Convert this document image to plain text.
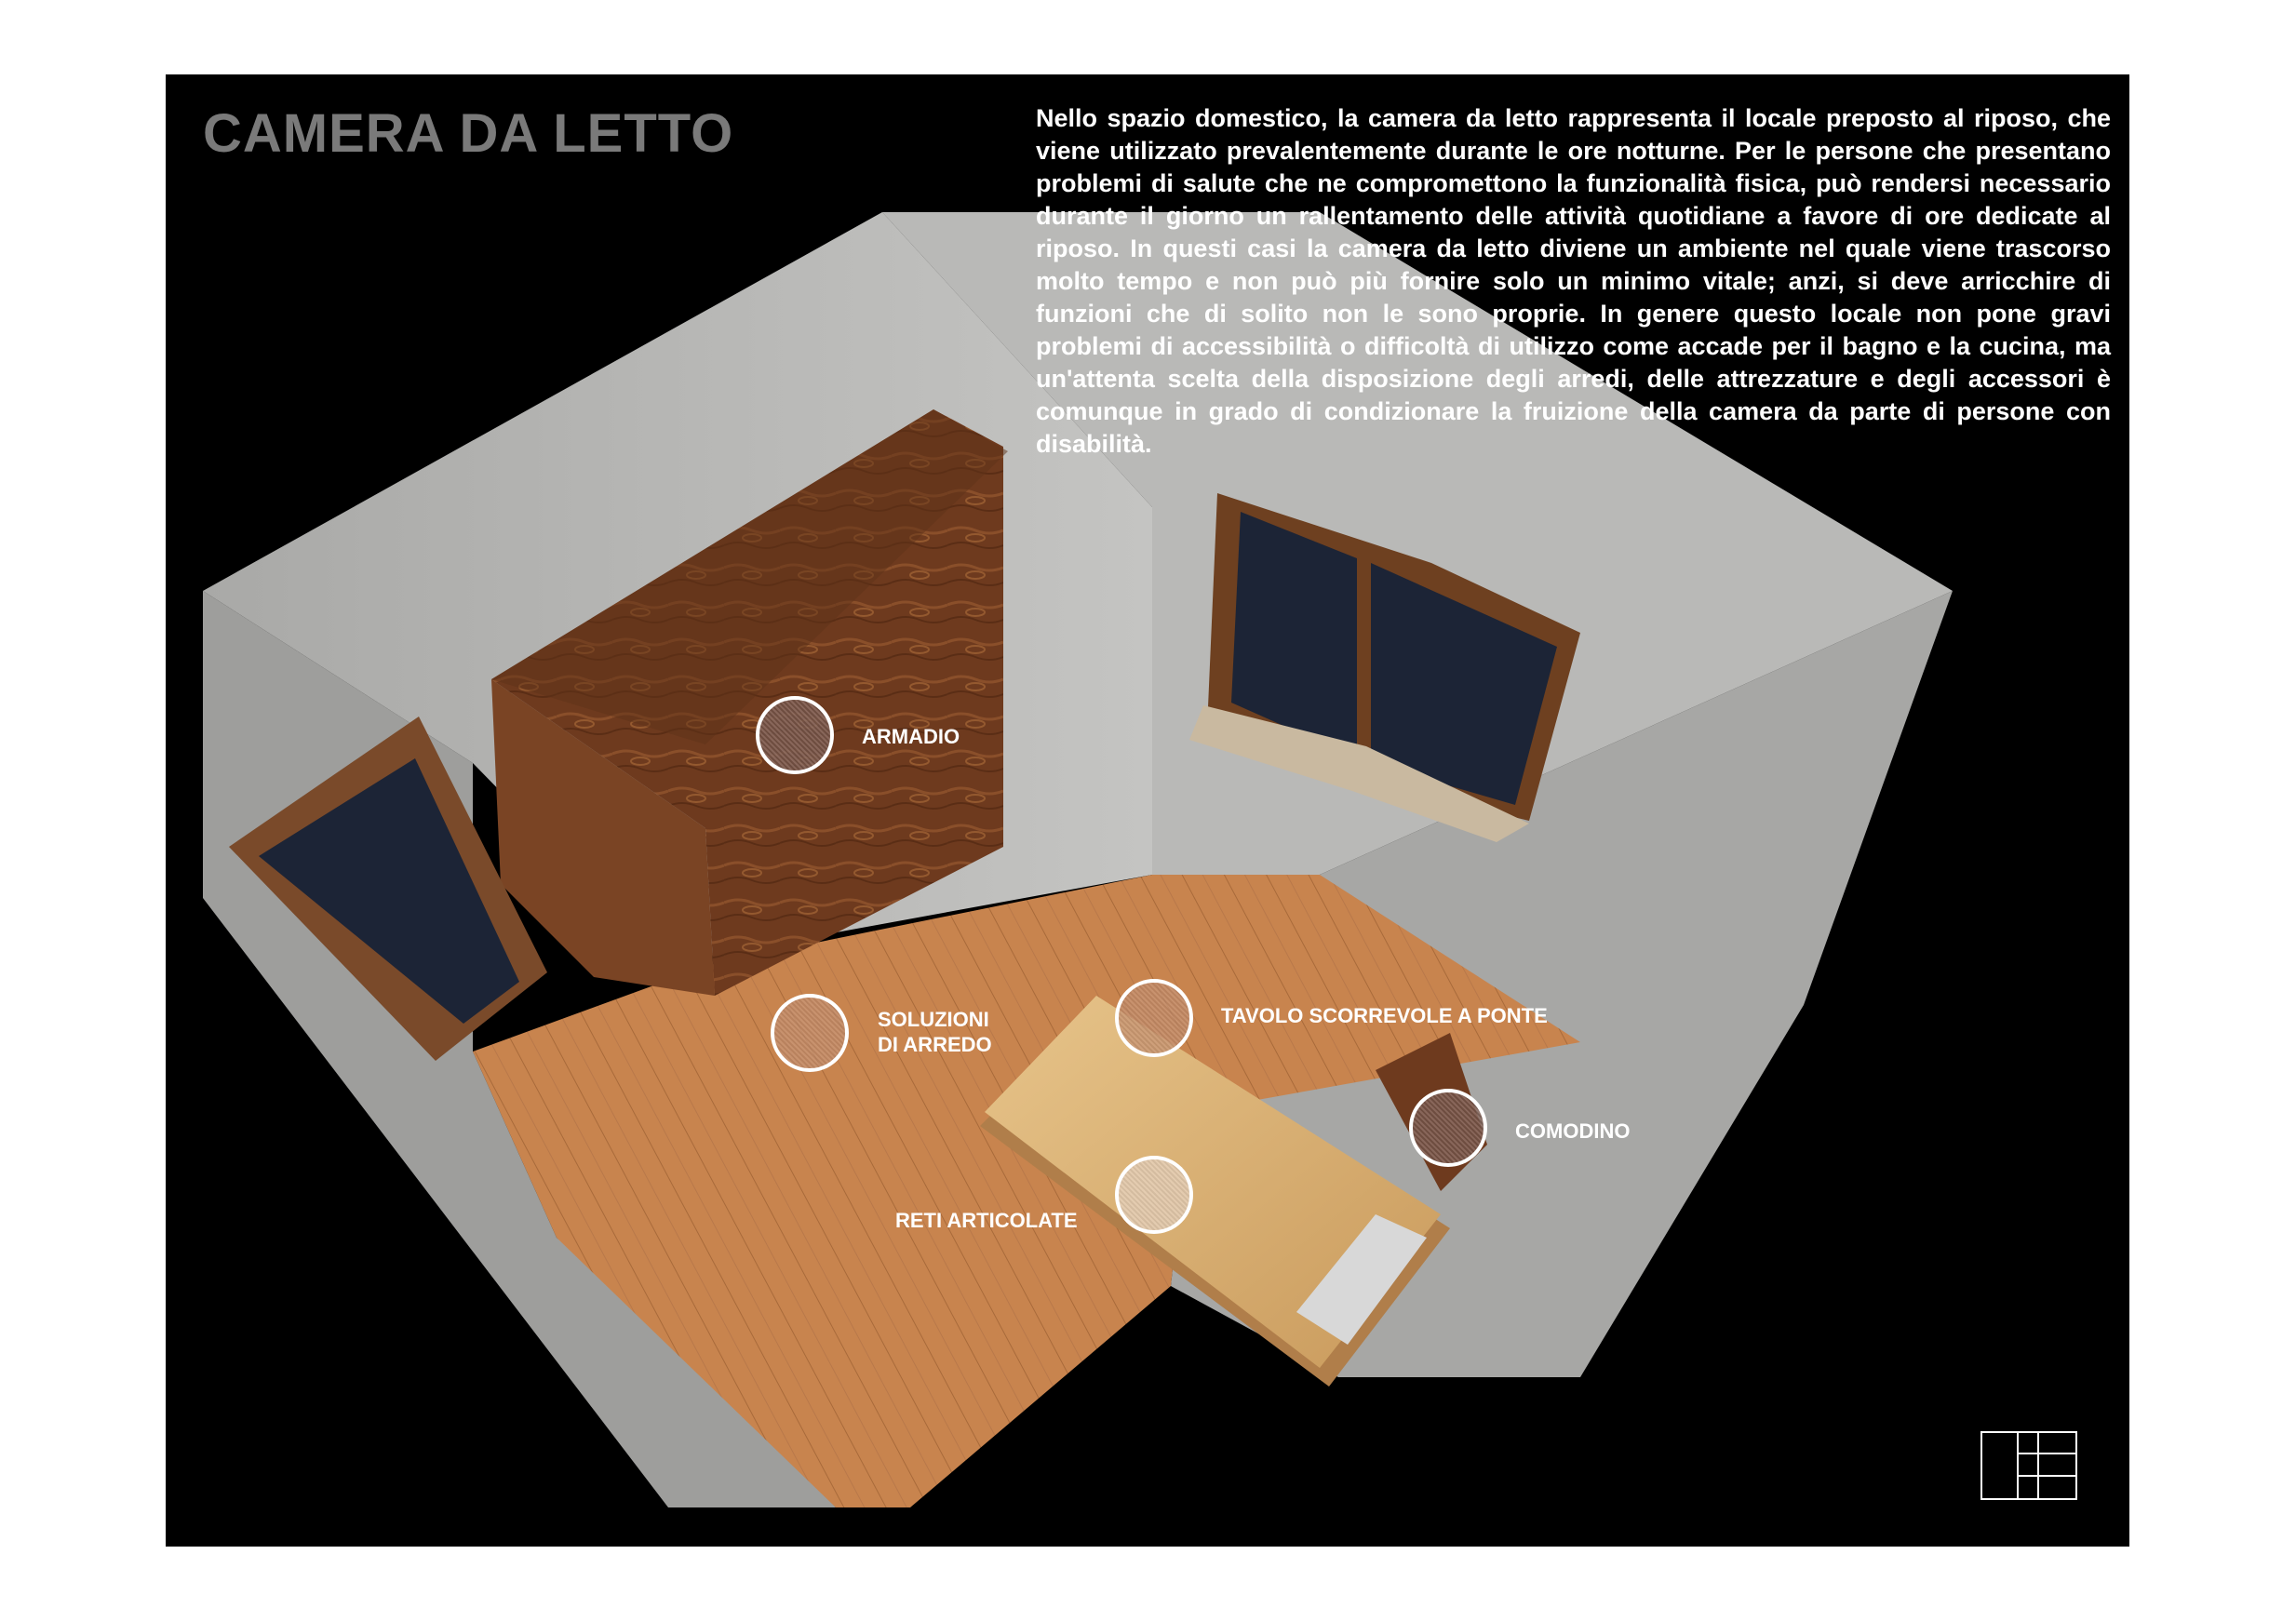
CAMERA DA LETTO	Nello spazio domestico, la camera da letto rappresenta il locale preposto al riposo, che viene utilizzato prevalentemente durante le ore notturne. Per le persone che presentano problemi di salute che ne compromettono la funzionalità fisica, può rendersi necessario durante il giorno un rallentamento delle attività quotidiane a favore di ore dedicate al riposo. In questi casi la camera da letto diviene un ambiente nel quale viene trascorso molto tempo e non può più fornire solo un minimo vitale; anzi, si deve arricchire di funzioni che di solito non le sono proprie. In genere questo locale non pone gravi problemi di accessibilità o difficoltà di utilizzo come accade per il bagno e la cucina, ma un'attenta scelta della disposizione degli arredi, delle attrezzature e degli accessori è comunque in grado di condizionare la fruizione della camera da parte di persone con disabilità.

ARMADIO
SOLUZIONI
DI ARREDO
TAVOLO SCORREVOLE A PONTE
COMODINO
RETI ARTICOLATE
